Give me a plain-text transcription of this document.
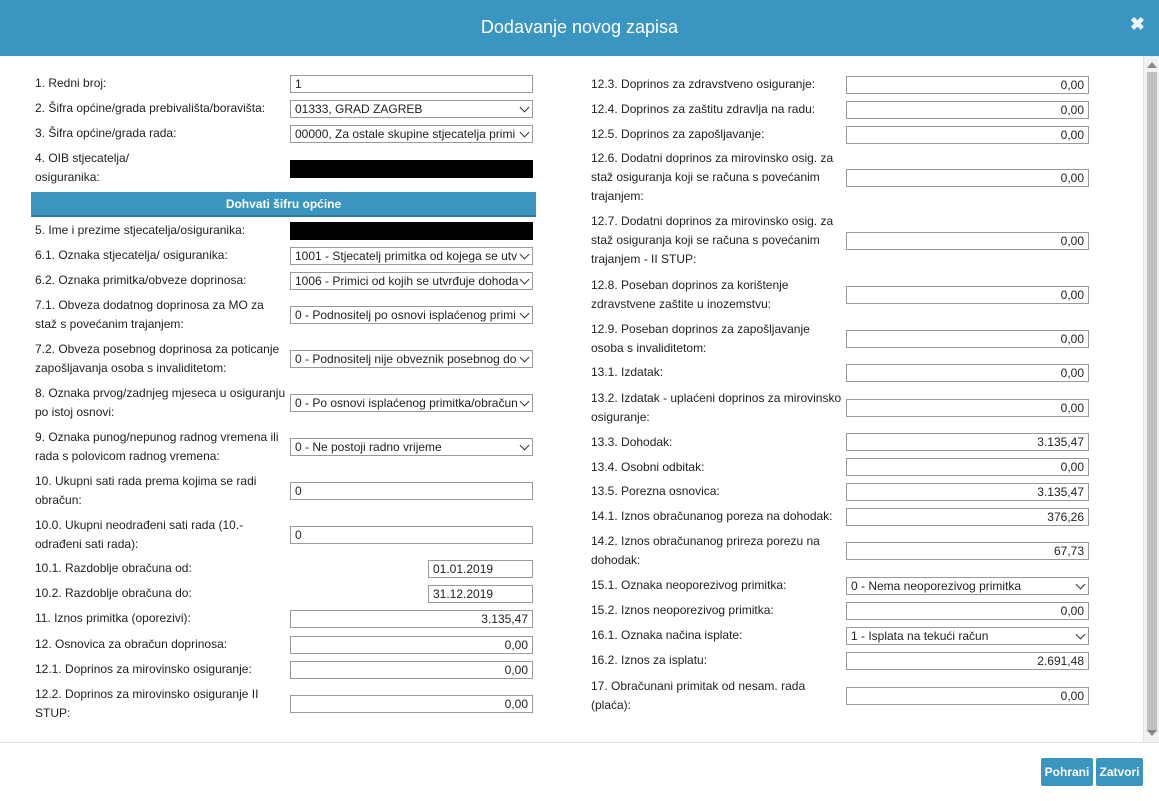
Dodavanje novog zapisa	✖
1. Redni broj:	1
2. Šifra općine/grada prebivališta/boravišta:	01333, GRAD ZAGREB
3. Šifra općine/grada rada:	00000, Za ostale skupine stjecatelja primi
4. OIB stjecatelja/
osiguranika:
Dohvati šifru općine
5. Ime i prezime stjecatelja/osiguranika:
6.1. Oznaka stjecatelja/ osiguranika:	1001 - Stjecatelj primitka od kojega se utv
6.2. Oznaka primitka/obveze doprinosa:	1006 - Primici od kojih se utvrđuje dohoda
7.1. Obveza dodatnog doprinosa za MO za
staž s povećanim trajanjem:
0 - Podnositelj po osnovi isplaćenog primi
7.2. Obveza posebnog doprinosa za poticanje
zapošljavanja osoba s invaliditetom:
0 - Podnositelj nije obveznik posebnog do
8. Oznaka prvog/zadnjeg mjeseca u osiguranju
po istoj osnovi:
0 - Po osnovi isplaćenog primitka/obračun
9. Oznaka punog/nepunog radnog vremena ili
rada s polovicom radnog vremena:
0 - Ne postoji radno vrijeme
10. Ukupni sati rada prema kojima se radi
obračun:
0
10.0. Ukupni neodrađeni sati rada (10.-
odrađeni sati rada):
0
10.1. Razdoblje obračuna od:	01.01.2019
10.2. Razdoblje obračuna do:	31.12.2019
11. Iznos primitka (oporezivi):	3.135,47
12. Osnovica za obračun doprinosa:	0,00
12.1. Doprinos za mirovinsko osiguranje:	0,00
12.2. Doprinos za mirovinsko osiguranje II
STUP:
0,00
12.3. Doprinos za zdravstveno osiguranje:	0,00
12.4. Doprinos za zaštitu zdravlja na radu:	0,00
12.5. Doprinos za zapošljavanje:	0,00
12.6. Dodatni doprinos za mirovinsko osig. za
staž osiguranja koji se računa s povećanim
trajanjem:
0,00
12.7. Dodatni doprinos za mirovinsko osig. za
staž osiguranja koji se računa s povećanim
trajanjem - II STUP:
0,00
12.8. Poseban doprinos za korištenje
zdravstvene zaštite u inozemstvu:
0,00
12.9. Poseban doprinos za zapošljavanje
osoba s invaliditetom:
0,00
13.1. Izdatak:	0,00
13.2. Izdatak - uplaćeni doprinos za mirovinsko
osiguranje:
0,00
13.3. Dohodak:	3.135,47
13.4. Osobni odbitak:	0,00
13.5. Porezna osnovica:	3.135,47
14.1. Iznos obračunanog poreza na dohodak:	376,26
14.2. Iznos obračunanog prireza porezu na
dohodak:
67,73
15.1. Oznaka neoporezivog primitka:	0 - Nema neoporezivog primitka
15.2. Iznos neoporezivog primitka:	0,00
16.1. Oznaka načina isplate:	1 - Isplata na tekući račun
16.2. Iznos za isplatu:	2.691,48
17. Obračunani primitak od nesam. rada
(plaća):
0,00
Pohrani Zatvori
